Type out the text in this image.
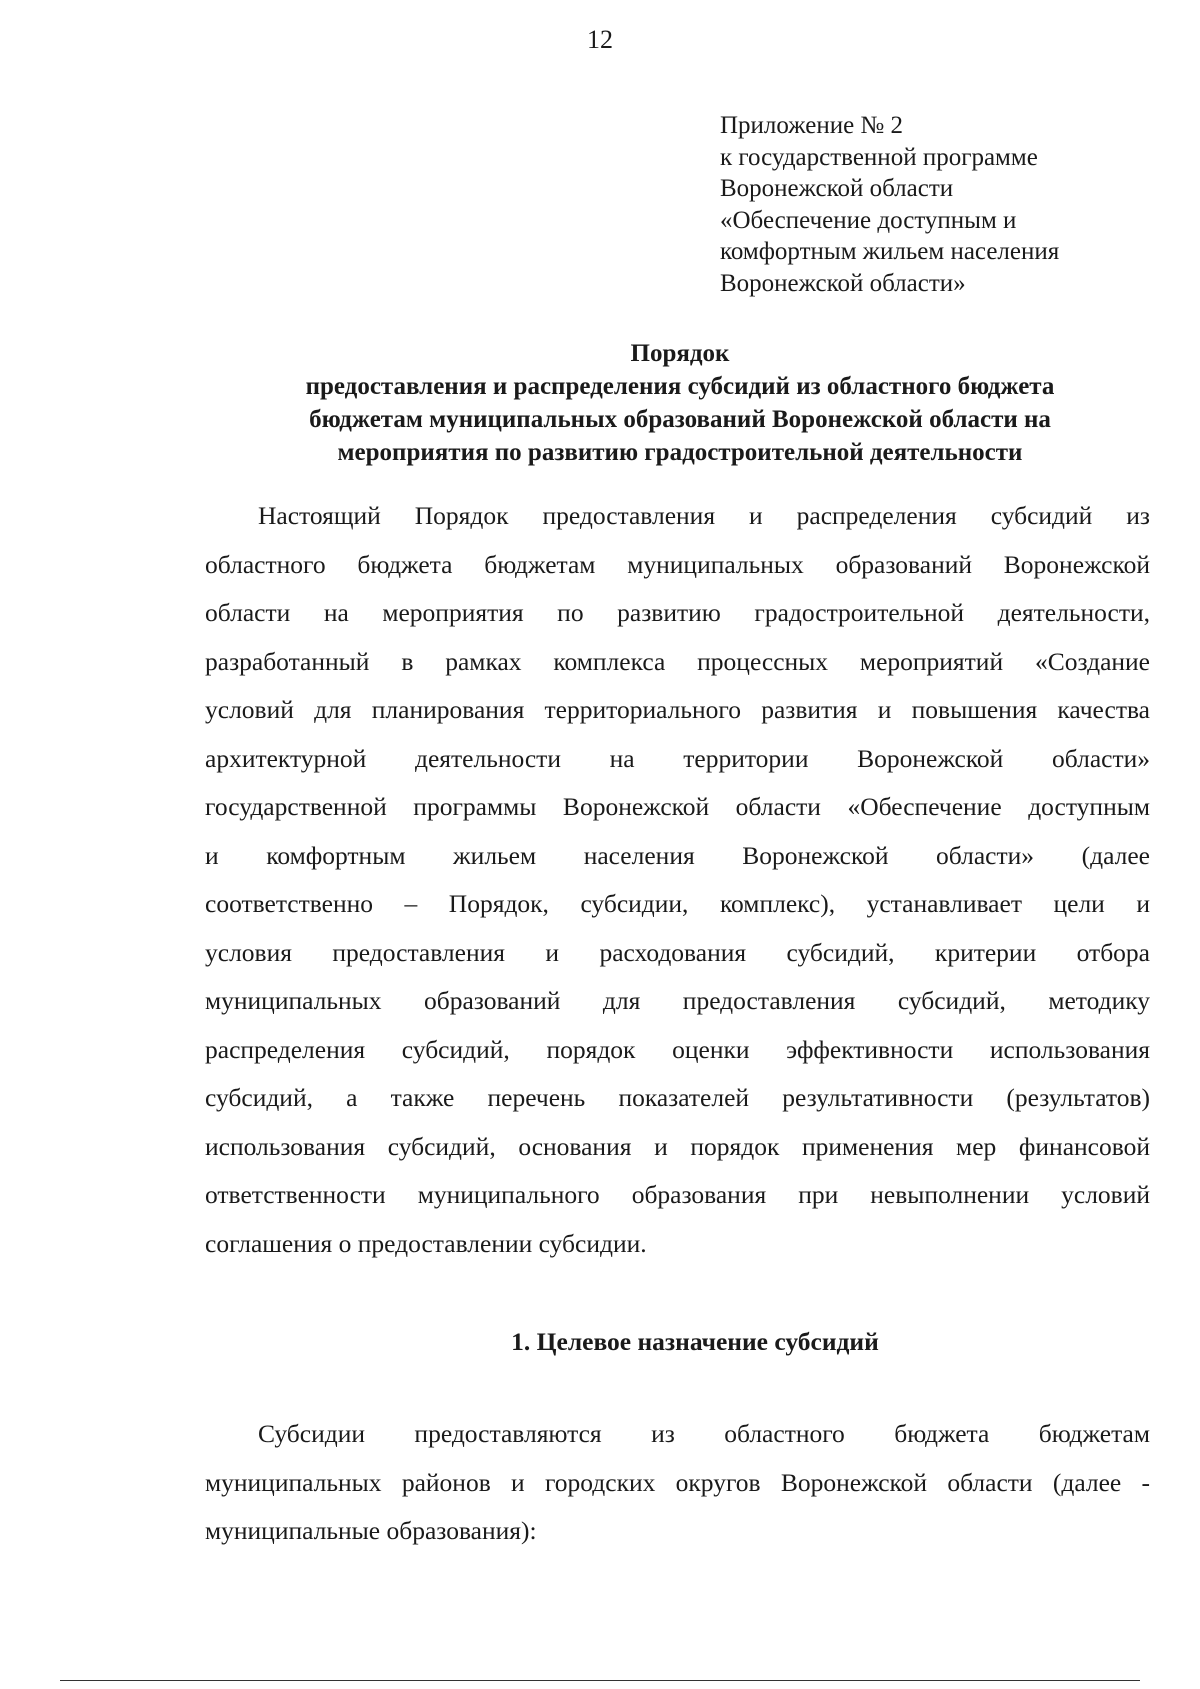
12
Приложение № 2
к государственной программе
Воронежской области
«Обеспечение доступным и
комфортным жильем населения
Воронежской области»
Порядок
предоставления и распределения субсидий из областного бюджета
бюджетам муниципальных образований Воронежской области на
мероприятия по развитию градостроительной деятельности
Настоящий Порядок предоставления и распределения субсидий из
областного бюджета бюджетам муниципальных образований Воронежской
области на мероприятия по развитию градостроительной деятельности,
разработанный в рамках комплекса процессных мероприятий «Создание
условий для планирования территориального развития и повышения качества
архитектурной деятельности на территории Воронежской области»
государственной программы Воронежской области «Обеспечение доступным
и комфортным жильем населения Воронежской области» (далее
соответственно – Порядок, субсидии, комплекс), устанавливает цели и
условия предоставления и расходования субсидий, критерии отбора
муниципальных образований для предоставления субсидий, методику
распределения субсидий, порядок оценки эффективности использования
субсидий, а также перечень показателей результативности (результатов)
использования субсидий, основания и порядок применения мер финансовой
ответственности муниципального образования при невыполнении условий
соглашения о предоставлении субсидии.
1. Целевое назначение субсидий
Субсидии предоставляются из областного бюджета бюджетам
муниципальных районов и городских округов Воронежской области (далее -
муниципальные образования):
